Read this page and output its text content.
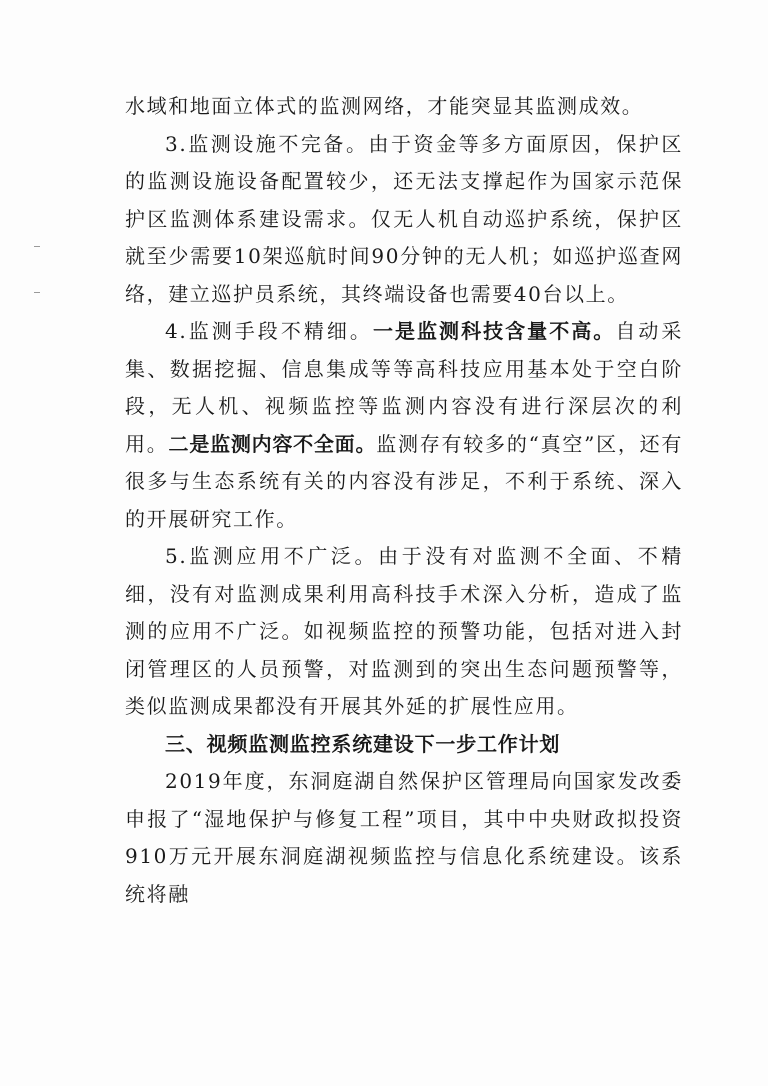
水域和地面立体式的监测网络，才能突显其监测成效。

3.监测设施不完备。由于资金等多方面原因，保护区的监测设施设备配置较少，还无法支撑起作为国家示范保护区监测体系建设需求。仅无人机自动巡护系统，保护区就至少需要10架巡航时间90分钟的无人机；如巡护巡查网络，建立巡护员系统，其终端设备也需要40台以上。

4.监测手段不精细。一是监测科技含量不高。自动采集、数据挖掘、信息集成等等高科技应用基本处于空白阶段，无人机、视频监控等监测内容没有进行深层次的利用。二是监测内容不全面。监测存有较多的“真空”区，还有很多与生态系统有关的内容没有涉足，不利于系统、深入的开展研究工作。

5.监测应用不广泛。由于没有对监测不全面、不精细，没有对监测成果利用高科技手术深入分析，造成了监测的应用不广泛。如视频监控的预警功能，包括对进入封闭管理区的人员预警，对监测到的突出生态问题预警等，类似监测成果都没有开展其外延的扩展性应用。

三、视频监测监控系统建设下一步工作计划

2019年度，东洞庭湖自然保护区管理局向国家发改委申报了“湿地保护与修复工程”项目，其中中央财政拟投资910万元开展东洞庭湖视频监控与信息化系统建设。该系统将融
